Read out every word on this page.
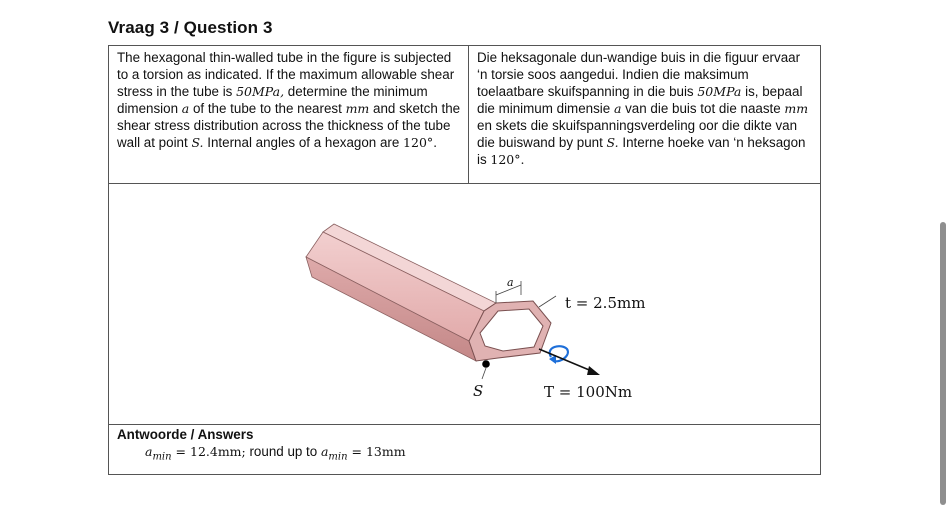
Vraag 3 / Question 3
The hexagonal thin-walled tube in the figure is subjected to a torsion as indicated. If the maximum allowable shear stress in the tube is 50MPa, determine the minimum dimension a of the tube to the nearest mm and sketch the shear stress distribution across the thickness of the tube wall at point S. Internal angles of a hexagon are 120°.
Die heksagonale dun-wandige buis in die figuur ervaar ‘n torsie soos aangedui. Indien die maksimum toelaatbare skuifspanning in die buis 50MPa is, bepaal die minimum dimensie a van die buis tot die naaste mm en skets die skuifspanningsverdeling oor die dikte van die buiswand by punt S. Interne hoeke van ‘n heksagon is 120°.
a
t = 2.5mm
T = 100Nm
S
Antwoorde / Answers
$a_{min} = 12.4mm$; round up to $a_{min} = 13mm$
